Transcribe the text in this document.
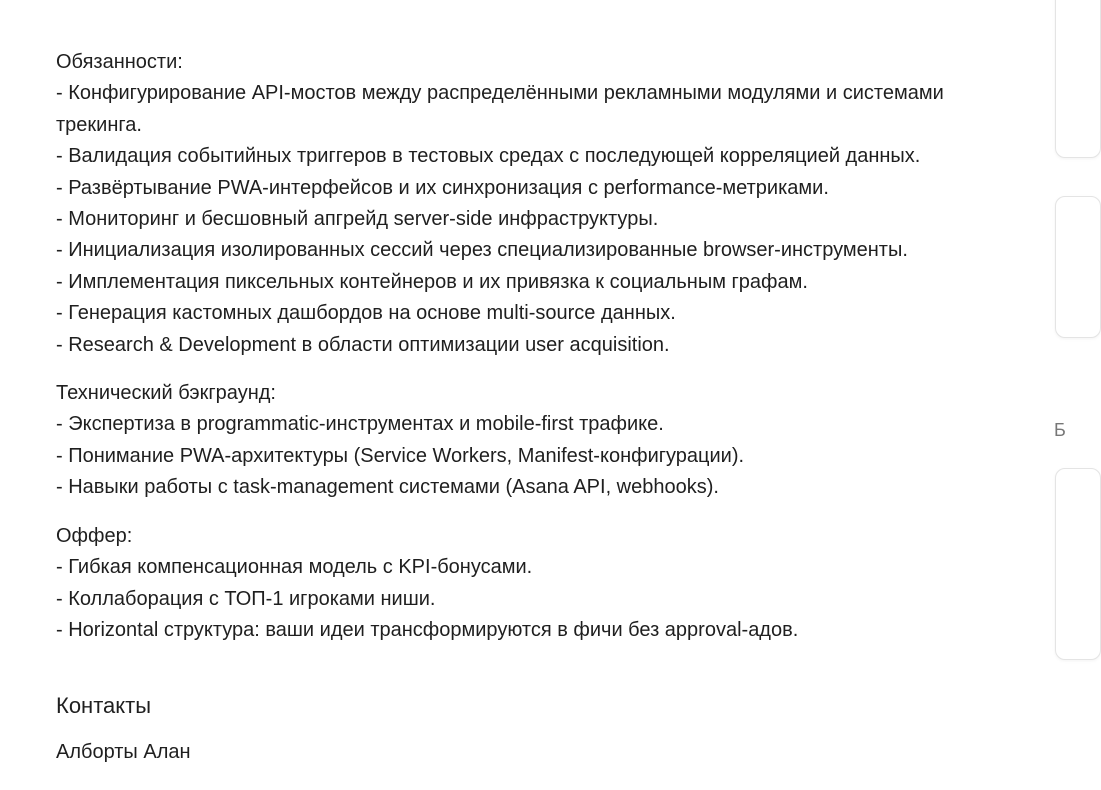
Обязанности:
- Конфигурирование API-мостов между распределёнными рекламными модулями и системами трекинга.
- Валидация событийных триггеров в тестовых средах с последующей корреляцией данных.
- Развёртывание PWA-интерфейсов и их синхронизация с performance-метриками.
- Мониторинг и бесшовный апгрейд server-side инфраструктуры.
- Инициализация изолированных сессий через специализированные browser-инструменты.
- Имплементация пиксельных контейнеров и их привязка к социальным графам.
- Генерация кастомных дашбордов на основе multi-source данных.
- Research & Development в области оптимизации user acquisition.
Технический бэкграунд:
- Экспертиза в programmatic-инструментах и mobile-first трафике.
- Понимание PWA-архитектуры (Service Workers, Manifest-конфигурации).
- Навыки работы с task-management системами (Asana API, webhooks).
Оффер:
- Гибкая компенсационная модель с KPI-бонусами.
- Коллаборация с ТОП-1 игроками ниши.
- Horizontal структура: ваши идеи трансформируются в фичи без approval-адов.
Контакты
Алборты Алан
Б
